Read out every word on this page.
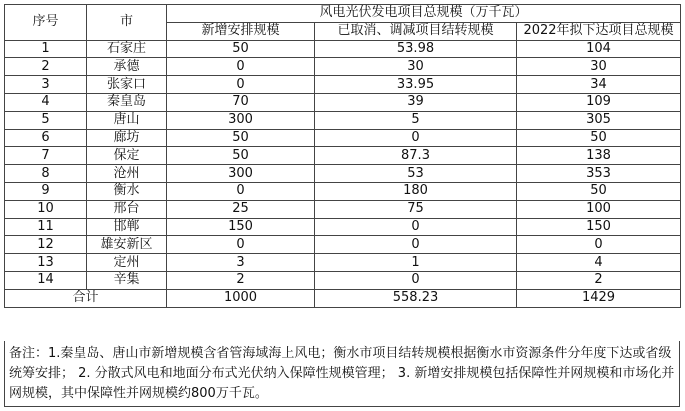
序号	市	风电光伏发电项目总规模（万千瓦）		
		新增安排规模	已取消、调减项目结转规模	2022年拟下达项目总规模
1	石家庄	50	53.98	104
2	承德	0	30	30
3	张家口	0	33.95	34
4	秦皇岛	70	39	109
5	唐山	300	5	305
6	廊坊	50	0	50
7	保定	50	87.3	138
8	沧州	300	53	353
9	衡水	0	180	50
10	邢台	25	75	100
11	邯郸	150	0	150
12	雄安新区	0	0	0
13	定州	3	1	4
14	辛集	2	0	2
合计		1000	558.23	1429
备注：1.秦皇岛、唐山市新增规模含省管海域海上风电；衡水市项目结转规模根据衡水市资源条件分年度下达或省级统筹安排； 2. 分散式风电和地面分布式光伏纳入保障性规模管理； 3. 新增安排规模包括保障性并网规模和市场化并网规模，其中保障性并网规模约800万千瓦。
